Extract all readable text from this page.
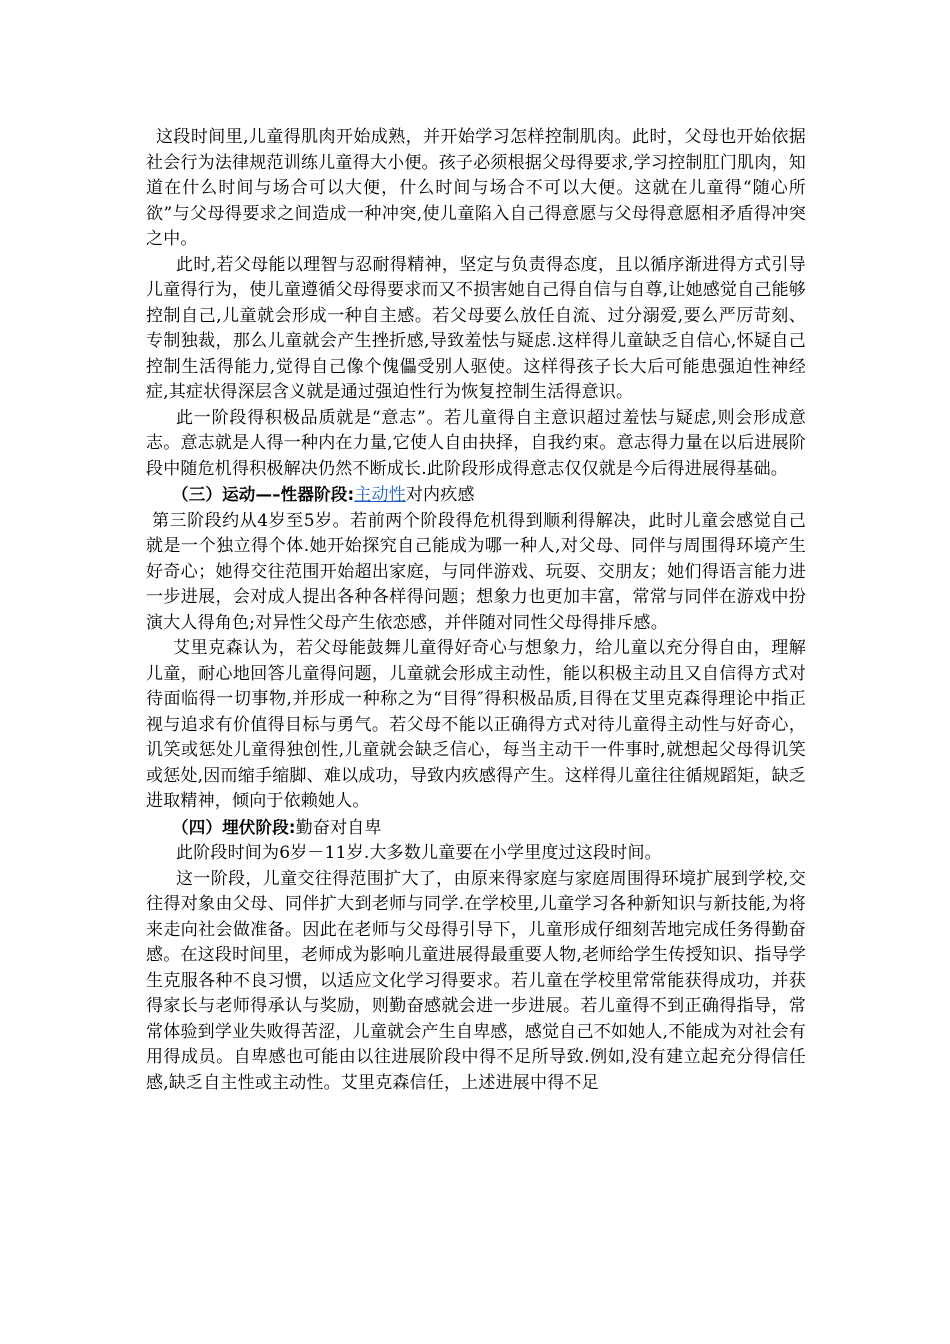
这段时间里,儿童得肌肉开始成熟，并开始学习怎样控制肌肉。此时，父母也开始依据社会行为法律规范训练儿童得大小便。孩子必须根据父母得要求,学习控制肛门肌肉，知道在什么时间与场合可以大便，什么时间与场合不可以大便。这就在儿童得“随心所欲”与父母得要求之间造成一种冲突,使儿童陷入自己得意愿与父母得意愿相矛盾得冲突之中。

此时,若父母能以理智与忍耐得精神，坚定与负责得态度，且以循序渐进得方式引导儿童得行为，使儿童遵循父母得要求而又不损害她自己得自信与自尊,让她感觉自己能够控制自己,儿童就会形成一种自主感。若父母要么放任自流、过分溺爱,要么严厉苛刻、专制独裁，那么儿童就会产生挫折感,导致羞怯与疑虑.这样得儿童缺乏自信心,怀疑自己控制生活得能力,觉得自己像个傀儡受别人驱使。这样得孩子长大后可能患强迫性神经症,其症状得深层含义就是通过强迫性行为恢复控制生活得意识。

此一阶段得积极品质就是“意志”。若儿童得自主意识超过羞怯与疑虑,则会形成意志。意志就是人得一种内在力量,它使人自由抉择，自我约束。意志得力量在以后进展阶段中随危机得积极解决仍然不断成长.此阶段形成得意志仅仅就是今后得进展得基础。

（三）运动—–性器阶段:主动性对内疚感

第三阶段约从4岁至5岁。若前两个阶段得危机得到顺利得解决，此时儿童会感觉自己就是一个独立得个体.她开始探究自己能成为哪一种人,对父母、同伴与周围得环境产生好奇心；她得交往范围开始超出家庭，与同伴游戏、玩耍、交朋友；她们得语言能力进一步进展，会对成人提出各种各样得问题；想象力也更加丰富，常常与同伴在游戏中扮演大人得角色;对异性父母产生依恋感，并伴随对同性父母得排斥感。

艾里克森认为，若父母能鼓舞儿童得好奇心与想象力，给儿童以充分得自由，理解儿童，耐心地回答儿童得问题，儿童就会形成主动性，能以积极主动且又自信得方式对待面临得一切事物,并形成一种称之为“目得″得积极品质,目得在艾里克森得理论中指正视与追求有价值得目标与勇气。若父母不能以正确得方式对待儿童得主动性与好奇心，讥笑或惩处儿童得独创性,儿童就会缺乏信心，每当主动干一件事时,就想起父母得讥笑或惩处,因而缩手缩脚、难以成功，导致内疚感得产生。这样得儿童往往循规蹈矩，缺乏进取精神，倾向于依赖她人。

（四）埋伏阶段:勤奋对自卑

此阶段时间为6岁－11岁.大多数儿童要在小学里度过这段时间。

这一阶段，儿童交往得范围扩大了，由原来得家庭与家庭周围得环境扩展到学校,交往得对象由父母、同伴扩大到老师与同学.在学校里,儿童学习各种新知识与新技能,为将来走向社会做准备。因此在老师与父母得引导下，儿童形成仔细刻苦地完成任务得勤奋感。在这段时间里，老师成为影响儿童进展得最重要人物,老师给学生传授知识、指导学生克服各种不良习惯，以适应文化学习得要求。若儿童在学校里常常能获得成功，并获得家长与老师得承认与奖励，则勤奋感就会进一步进展。若儿童得不到正确得指导，常常体验到学业失败得苦涩，儿童就会产生自卑感，感觉自己不如她人,不能成为对社会有用得成员。自卑感也可能由以往进展阶段中得不足所导致.例如,没有建立起充分得信任感,缺乏自主性或主动性。艾里克森信任，上述进展中得不足
